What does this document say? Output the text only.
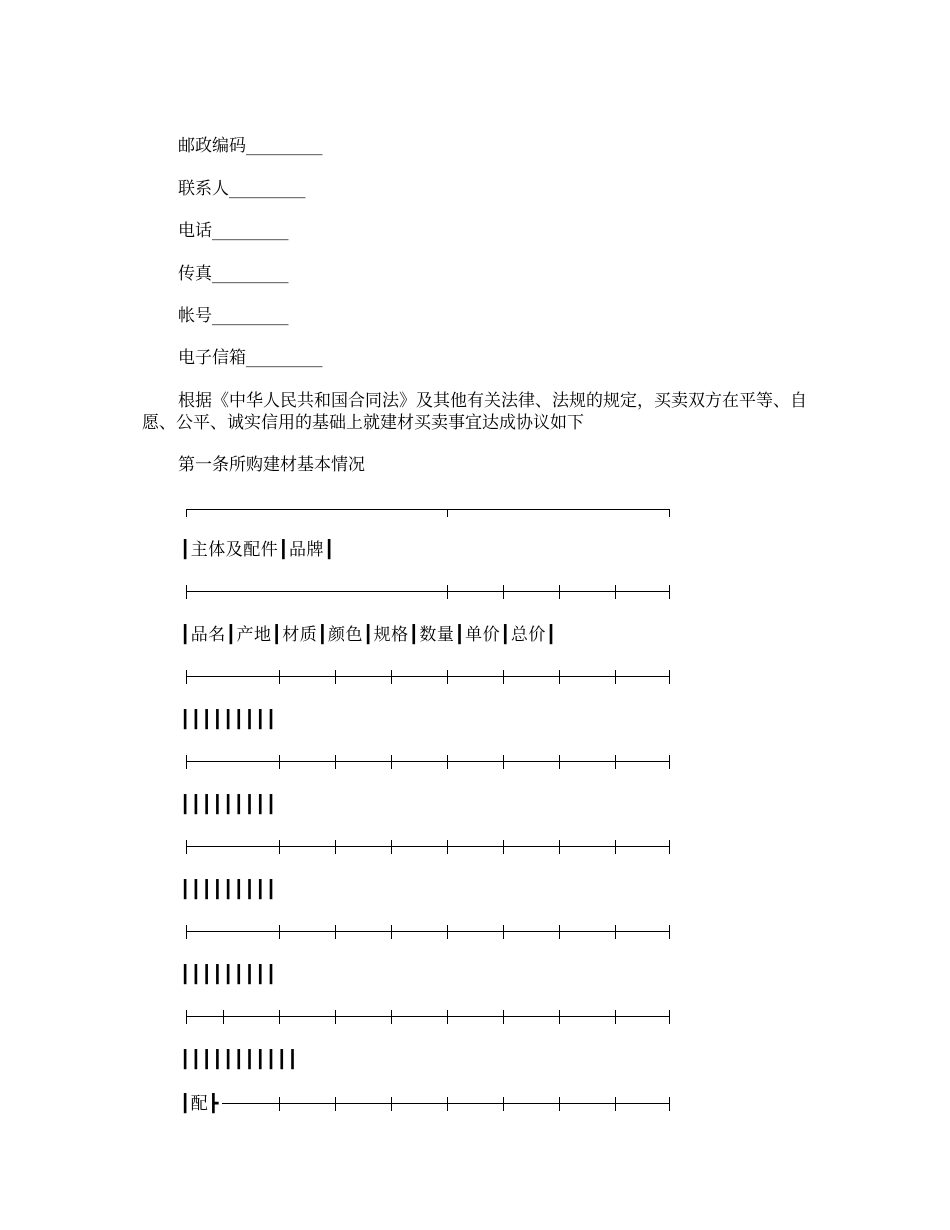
邮政编码_________
联系人_________
电话_________
传真_________
帐号_________
电子信箱_________
根据《中华人民共和国合同法》及其他有关法律、法规的规定，买卖双方在平等、自愿、公平、诚实信用的基础上就建材买卖事宜达成协议如下
第一条所购建材基本情况
┃主体及配件┃品牌┃
┃品名┃产地┃材质┃颜色┃规格┃数量┃单价┃总价┃
┃┃┃┃┃┃┃┃┃
┃┃┃┃┃┃┃┃┃
┃┃┃┃┃┃┃┃┃
┃┃┃┃┃┃┃┃┃
┃┃┃┃┃┃┃┃┃┃┃
┃配┣
